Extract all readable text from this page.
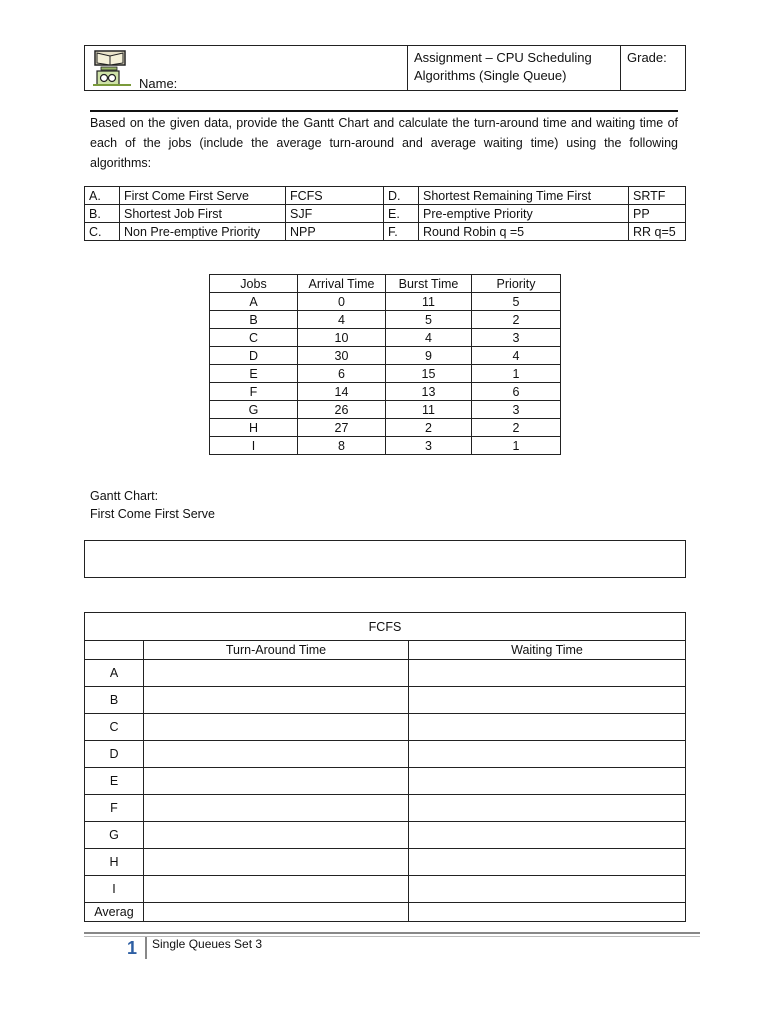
Name:
	Assignment – CPU Scheduling Algorithms (Single Queue)	Grade:
Based on the given data, provide the Gantt Chart and calculate the turn-around time and waiting time of each of the jobs (include the average turn-around and average waiting time) using the following algorithms:
A.	First Come First Serve	FCFS	D.	Shortest Remaining Time First	SRTF
B.	Shortest Job First	SJF	E.	Pre-emptive Priority	PP
C.	Non Pre-emptive Priority	NPP	F.	Round Robin q =5	RR q=5
Jobs	Arrival Time	Burst Time	Priority
A	0	11	5
B	4	5	2
C	10	4	3
D	30	9	4
E	6	15	1
F	14	13	6
G	26	11	3
H	27	2	2
I	8	3	1
Gantt Chart:
First Come First Serve
FCFS		
	Turn-Around Time	Waiting Time
A		
B		
C		
D		
E		
F		
G		
H		
I		
Averag		
1 Single Queues Set 3
